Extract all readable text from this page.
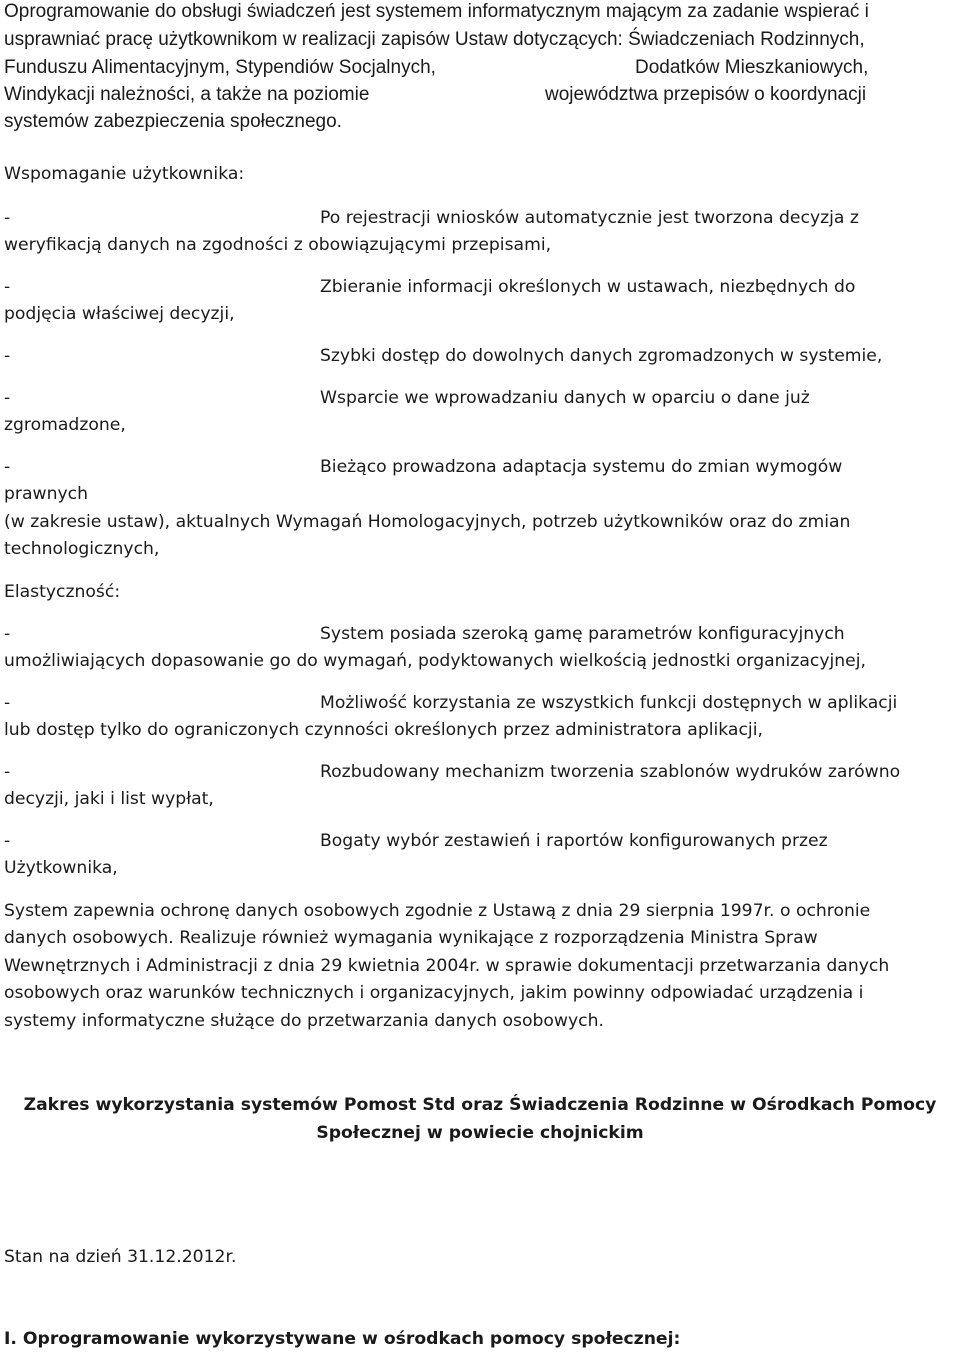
Oprogramowanie do obsługi świadczeń jest systemem informatycznym mającym za zadanie wspierać i
usprawniać pracę użytkownikom w realizacji zapisów Ustaw dotyczących: Świadczeniach Rodzinnych,
Funduszu Alimentacyjnym, Stypendiów Socjalnych,	Dodatków Mieszkaniowych,
Windykacji należności, a także na poziomie	województwa przepisów o koordynacji
systemów zabezpieczenia społecznego.
Wspomaganie użytkownika:
-	Po rejestracji wniosków automatycznie jest tworzona decyzja z
weryfikacją danych na zgodności z obowiązującymi przepisami,
-	Zbieranie informacji określonych w ustawach, niezbędnych do
podjęcia właściwej decyzji,
-	Szybki dostęp do dowolnych danych zgromadzonych w systemie,
-	Wsparcie we wprowadzaniu danych w oparciu o dane już
zgromadzone,
-	Bieżąco prowadzona adaptacja systemu do zmian wymogów
prawnych
(w zakresie ustaw), aktualnych Wymagań Homologacyjnych, potrzeb użytkowników oraz do zmian
technologicznych,
Elastyczność:
-	System posiada szeroką gamę parametrów konfiguracyjnych
umożliwiających dopasowanie go do wymagań, podyktowanych wielkością jednostki organizacyjnej,
-	Możliwość korzystania ze wszystkich funkcji dostępnych w aplikacji
lub dostęp tylko do ograniczonych czynności określonych przez administratora aplikacji,
-	Rozbudowany mechanizm tworzenia szablonów wydruków zarówno
decyzji, jaki i list wypłat,
-	Bogaty wybór zestawień i raportów konfigurowanych przez
Użytkownika,
System zapewnia ochronę danych osobowych zgodnie z Ustawą z dnia 29 sierpnia 1997r. o ochronie
danych osobowych. Realizuje również wymagania wynikające z rozporządzenia Ministra Spraw
Wewnętrznych i Administracji z dnia 29 kwietnia 2004r. w sprawie dokumentacji przetwarzania danych
osobowych oraz warunków technicznych i organizacyjnych, jakim powinny odpowiadać urządzenia i
systemy informatyczne służące do przetwarzania danych osobowych.
Zakres wykorzystania systemów Pomost Std oraz Świadczenia Rodzinne w Ośrodkach Pomocy
Społecznej w powiecie chojnickim
Stan na dzień 31.12.2012r.
I. Oprogramowanie wykorzystywane w ośrodkach pomocy społecznej:
